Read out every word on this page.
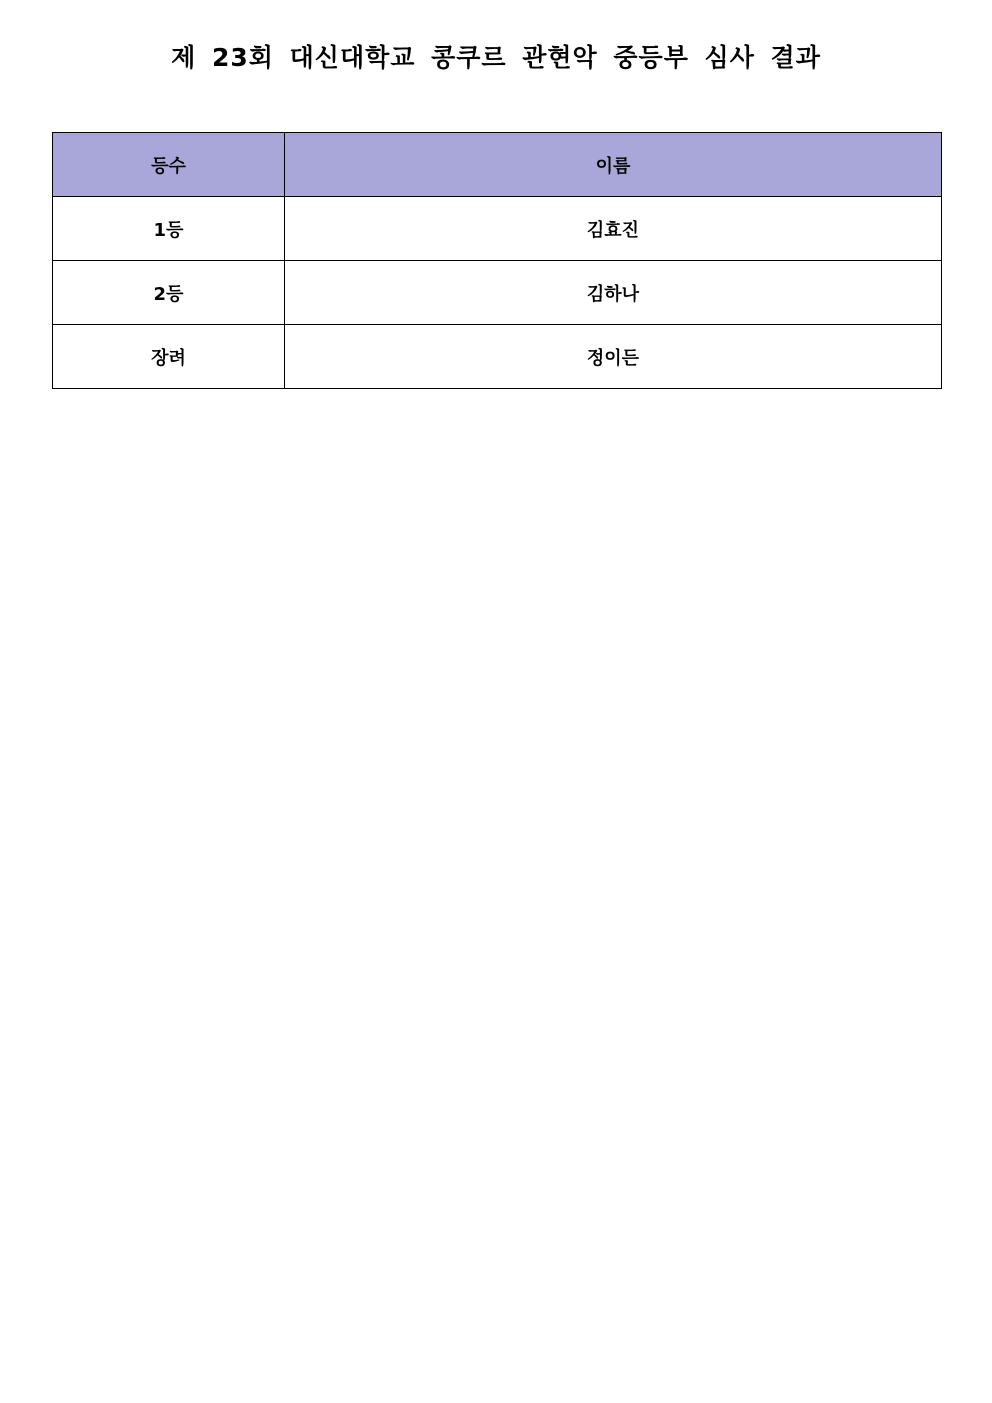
제 23회 대신대학교 콩쿠르 관현악 중등부 심사 결과
등수	이름
1등	김효진
2등	김하나
장려	정이든
